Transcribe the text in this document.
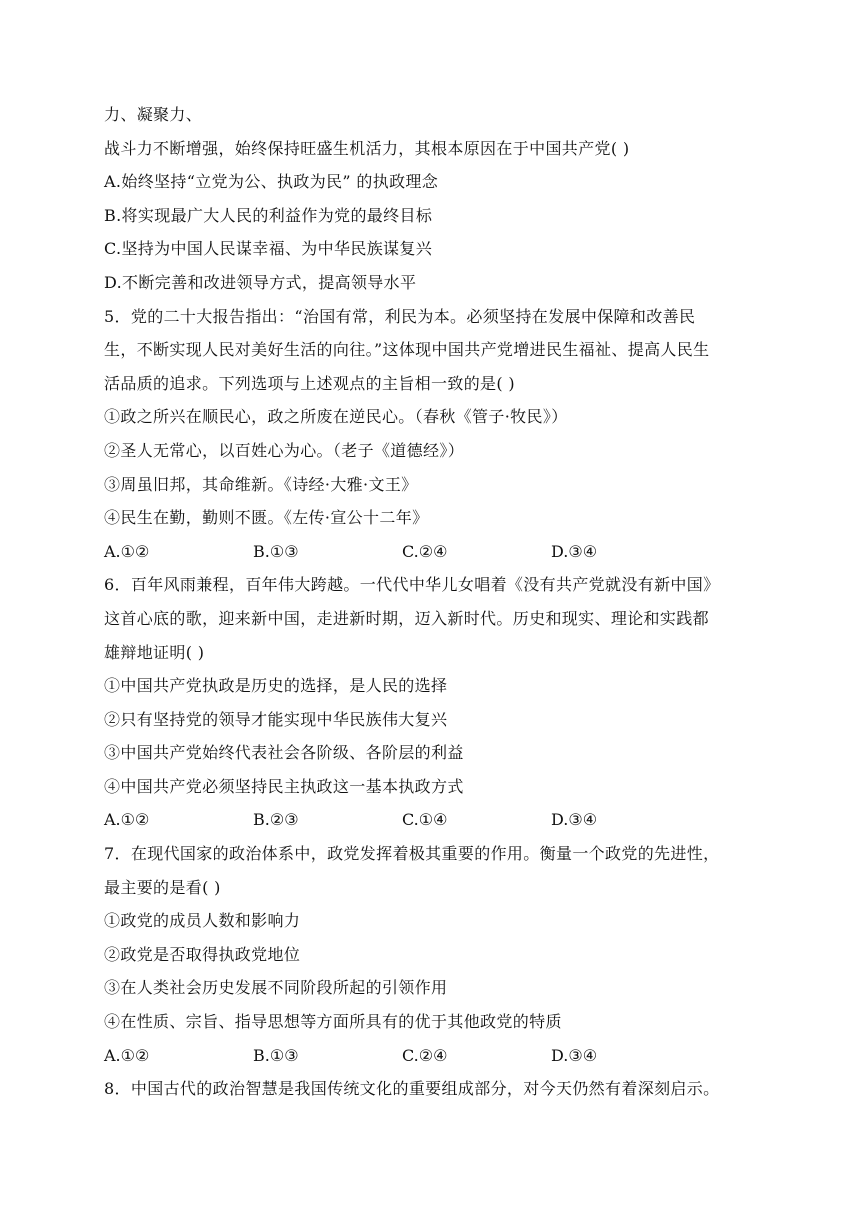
力、凝聚力、
战斗力不断增强，始终保持旺盛生机活力，其根本原因在于中国共产党( )
A.始终坚持“立党为公、执政为民” 的执政理念
B.将实现最广大人民的利益作为党的最终目标
C.坚持为中国人民谋幸福、为中华民族谋复兴
D.不断完善和改进领导方式，提高领导水平
5．党的二十大报告指出：“治国有常，利民为本。必须坚持在发展中保障和改善民
生，不断实现人民对美好生活的向往。”这体现中国共产党增进民生福祉、提高人民生
活品质的追求。下列选项与上述观点的主旨相一致的是( )
①政之所兴在顺民心，政之所废在逆民心。（春秋《管子·牧民》）
②圣人无常心，以百姓心为心。（老子《道德经》）
③周虽旧邦，其命维新。《诗经·大雅·文王》
④民生在勤，勤则不匮。《左传·宣公十二年》
A.①②	B.①③	C.②④	D.③④
6．百年风雨兼程，百年伟大跨越。一代代中华儿女唱着《没有共产党就没有新中国》
这首心底的歌，迎来新中国，走进新时期，迈入新时代。历史和现实、理论和实践都
雄辩地证明( )
①中国共产党执政是历史的选择，是人民的选择
②只有坚持党的领导才能实现中华民族伟大复兴
③中国共产党始终代表社会各阶级、各阶层的利益
④中国共产党必须坚持民主执政这一基本执政方式
A.①②	B.②③	C.①④	D.③④
7．在现代国家的政治体系中，政党发挥着极其重要的作用。衡量一个政党的先进性，
最主要的是看( )
①政党的成员人数和影响力
②政党是否取得执政党地位
③在人类社会历史发展不同阶段所起的引领作用
④在性质、宗旨、指导思想等方面所具有的优于其他政党的特质
A.①②	B.①③	C.②④	D.③④
8．中国古代的政治智慧是我国传统文化的重要组成部分，对今天仍然有着深刻启示。
